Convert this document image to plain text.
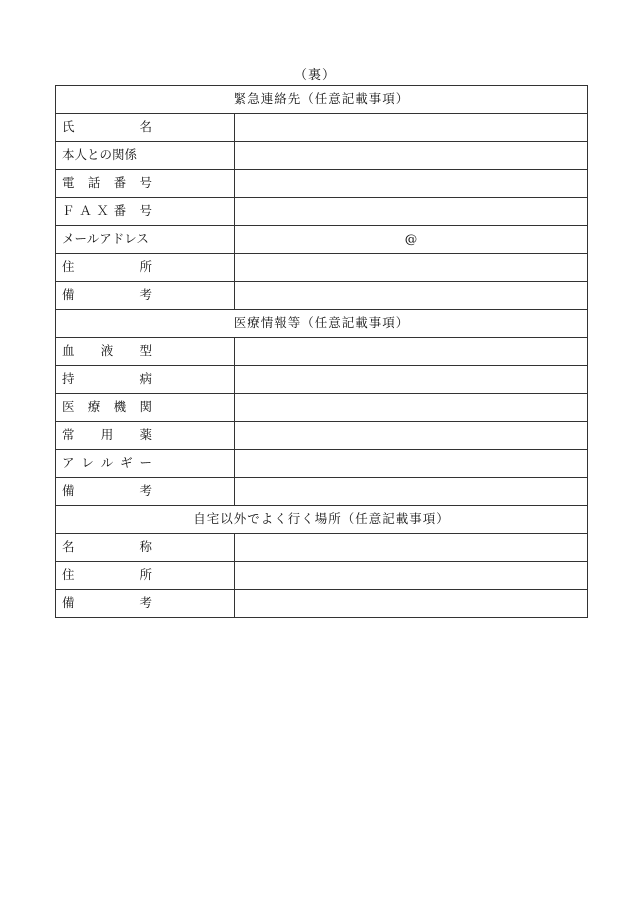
（裏）
緊急連絡先（任意記載事項）	

氏　名	

本人との関係	

電 話 番 号	

ＦＡＸ番 号	

メールアドレス	@

住　所	

備　考	

医療情報等（任意記載事項）	

血 液 型	

持　病	

医 療 機 関	

常 用 薬	

ア レ ル ギ ー	

備　考	

自宅以外でよく行く場所（任意記載事項）	

名　称	

住　所	

備　考	
